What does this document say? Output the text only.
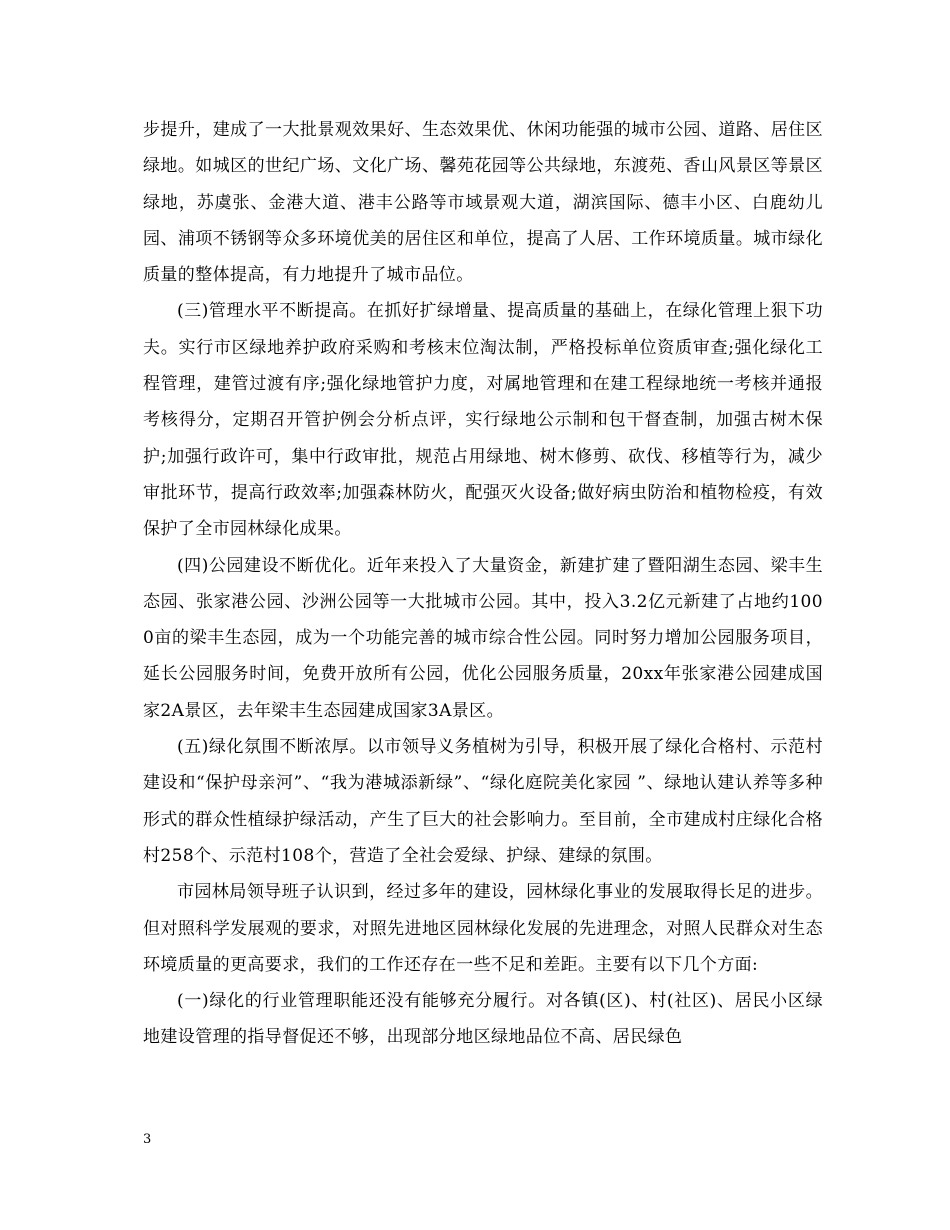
步提升，建成了一大批景观效果好、生态效果优、休闲功能强的城市公园、道路、居住区绿地。如城区的世纪广场、文化广场、馨苑花园等公共绿地，东渡苑、香山风景区等景区绿地，苏虞张、金港大道、港丰公路等市域景观大道，湖滨国际、德丰小区、白鹿幼儿园、浦项不锈钢等众多环境优美的居住区和单位，提高了人居、工作环境质量。城市绿化质量的整体提高，有力地提升了城市品位。

(三)管理水平不断提高。在抓好扩绿增量、提高质量的基础上，在绿化管理上狠下功夫。实行市区绿地养护政府采购和考核末位淘汰制，严格投标单位资质审查;强化绿化工程管理，建管过渡有序;强化绿地管护力度，对属地管理和在建工程绿地统一考核并通报考核得分，定期召开管护例会分析点评，实行绿地公示制和包干督查制，加强古树木保护;加强行政许可，集中行政审批，规范占用绿地、树木修剪、砍伐、移植等行为，减少审批环节，提高行政效率;加强森林防火，配强灭火设备;做好病虫防治和植物检疫，有效保护了全市园林绿化成果。

(四)公园建设不断优化。近年来投入了大量资金，新建扩建了暨阳湖生态园、梁丰生态园、张家港公园、沙洲公园等一大批城市公园。其中，投入3.2亿元新建了占地约1000亩的梁丰生态园，成为一个功能完善的城市综合性公园。同时努力增加公园服务项目，延长公园服务时间，免费开放所有公园，优化公园服务质量，20xx年张家港公园建成国家2A景区，去年梁丰生态园建成国家3A景区。

(五)绿化氛围不断浓厚。以市领导义务植树为引导，积极开展了绿化合格村、示范村建设和“保护母亲河”、“我为港城添新绿”、“绿化庭院美化家园 ”、绿地认建认养等多种形式的群众性植绿护绿活动，产生了巨大的社会影响力。至目前，全市建成村庄绿化合格村258个、示范村108个，营造了全社会爱绿、护绿、建绿的氛围。

市园林局领导班子认识到，经过多年的建设，园林绿化事业的发展取得长足的进步。但对照科学发展观的要求，对照先进地区园林绿化发展的先进理念，对照人民群众对生态环境质量的更高要求，我们的工作还存在一些不足和差距。主要有以下几个方面:

(一)绿化的行业管理职能还没有能够充分履行。对各镇(区)、村(社区)、居民小区绿地建设管理的指导督促还不够，出现部分地区绿地品位不高、居民绿色

3
